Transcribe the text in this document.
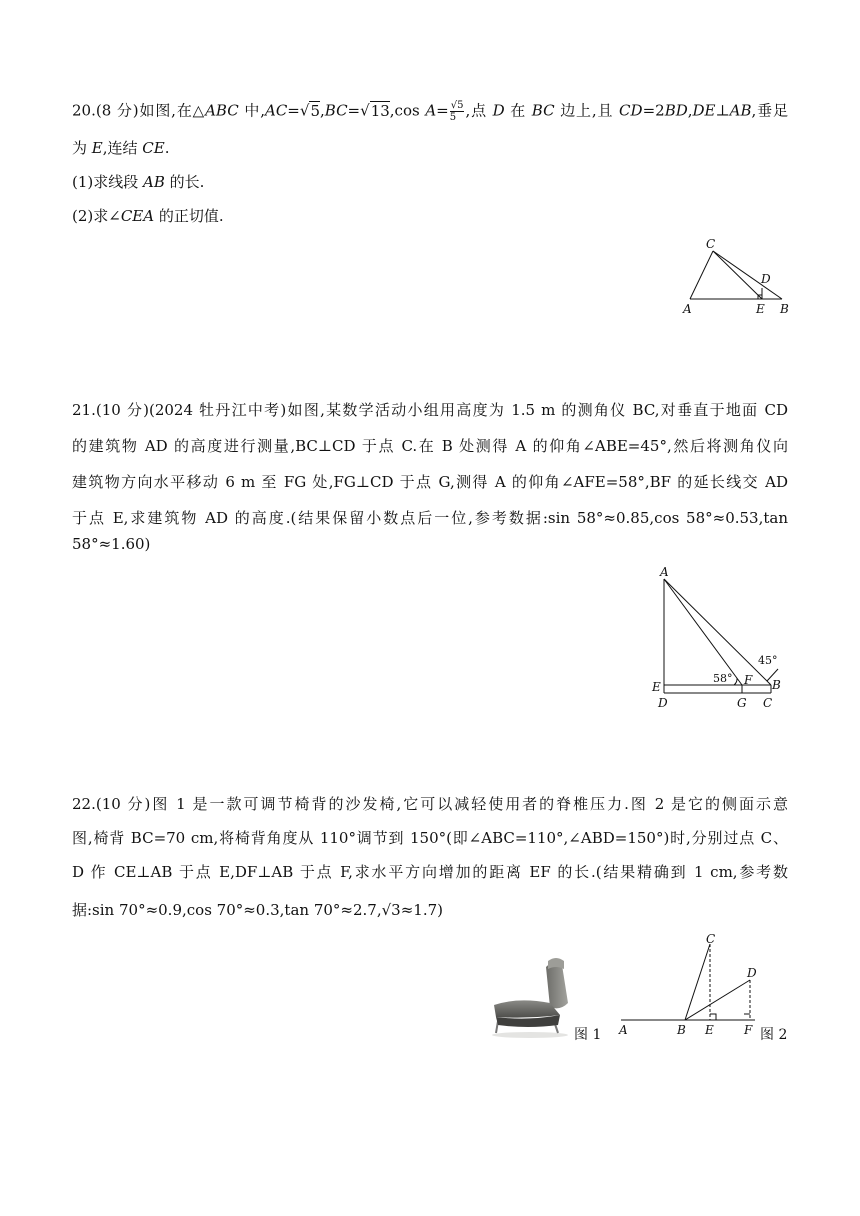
20.(8 分)如图,在△ABC 中,AC=√5,BC=√13,cos $A= \frac{√5}{5}$ ,点 D 在 BC 边上,且 CD=2BD,DE⊥AB,垂足
为 E,连结 CE.
(1)求线段 AB 的长.
(2)求∠CEA 的正切值.
C
D
A	E B
21.(10 分)(2024 牡丹江中考)如图,某数学活动小组用高度为 1.5 m 的测角仪 BC,对垂直于地面 CD
的建筑物 AD 的高度进行测量,BC⊥CD 于点 C.在 B 处测得 A 的仰角∠ABE=45°,然后将测角仪向
建筑物方向水平移动 6 m 至 FG 处,FG⊥CD 于点 G,测得 A 的仰角∠AFE=58°,BF 的延长线交 AD
于点 E,求建筑物 AD 的高度.(结果保留小数点后一位,参考数据:sin 58°≈0.85,cos 58°≈0.53,tan
58°≈1.60)
A
E
D	G C
B
F
58°
45°
22.(10 分)图 1 是一款可调节椅背的沙发椅,它可以减轻使用者的脊椎压力.图 2 是它的侧面示意
图,椅背 BC=70 cm,将椅背角度从 110°调节到 150°(即∠ABC=110°,∠ABD=150°)时,分别过点 C、
D 作 CE⊥AB 于点 E,DF⊥AB 于点 F,求水平方向增加的距离 EF 的长.(结果精确到 1 cm,参考数
据:sin 70°≈0.9,cos 70°≈0.3,tan 70°≈2.7,√3≈1.7)
图 1
C
D
A	B E	F 图 2
